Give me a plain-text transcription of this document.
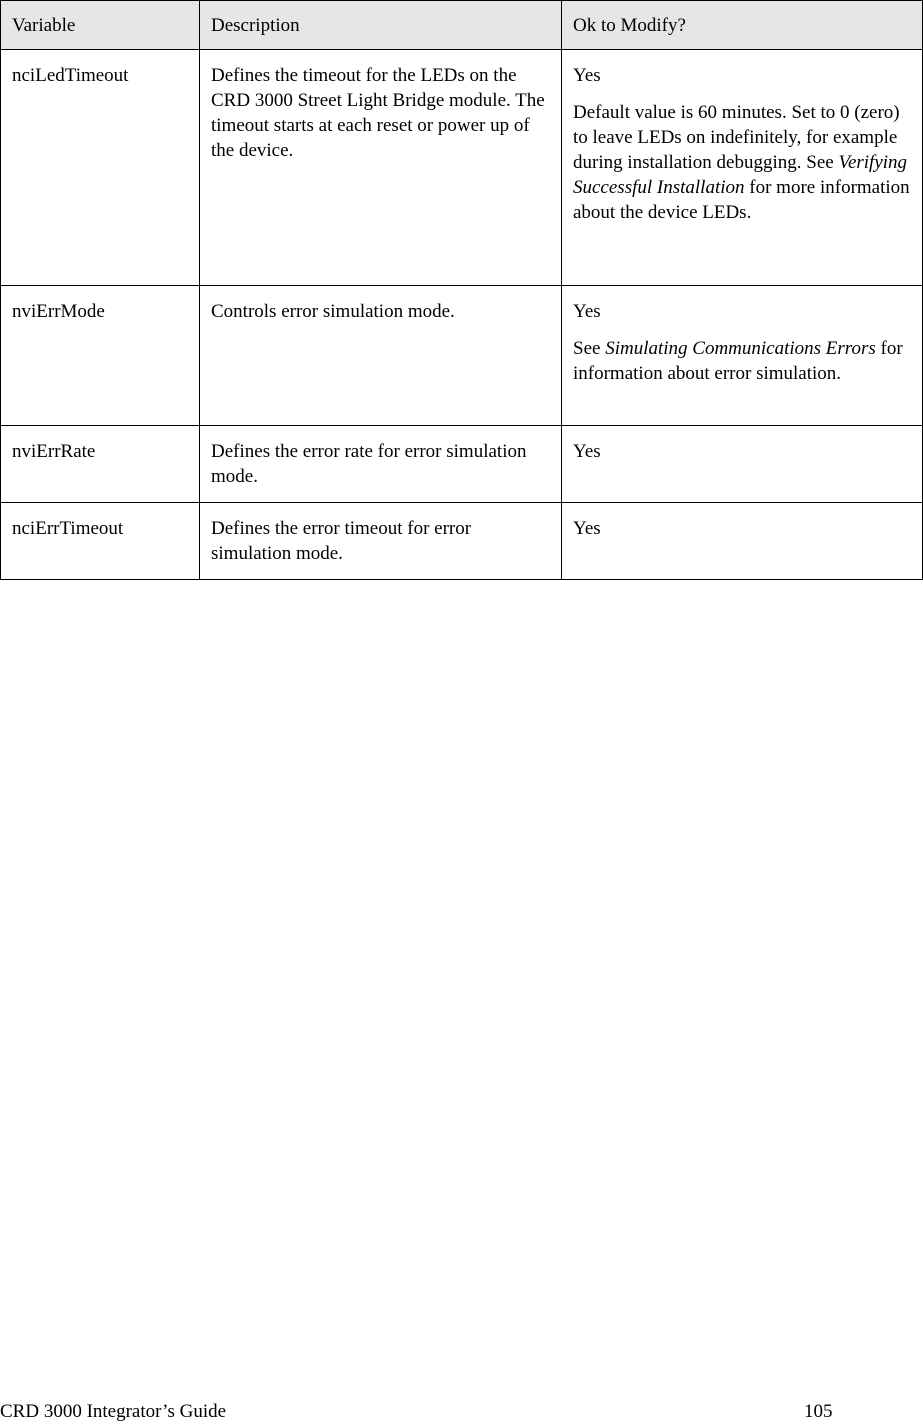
Variable	Description	Ok to Modify?
nciLedTimeout	Defines the timeout for the LEDs on the CRD 3000 Street Light Bridge module. The timeout starts at each reset or power up of the device.	Yes

Default value is 60 minutes. Set to 0 (zero) to leave LEDs on indefinitely, for example during installation debugging. See Verifying Successful Installation for more information about the device LEDs.

nviErrMode	Controls error simulation mode.	Yes

See Simulating Communications Errors for information about error simulation.

nviErrRate	Defines the error rate for error simulation mode.	Yes

nciErrTimeout	Defines the error timeout for error simulation mode.	Yes

CRD 3000 Integrator’s Guide	105
